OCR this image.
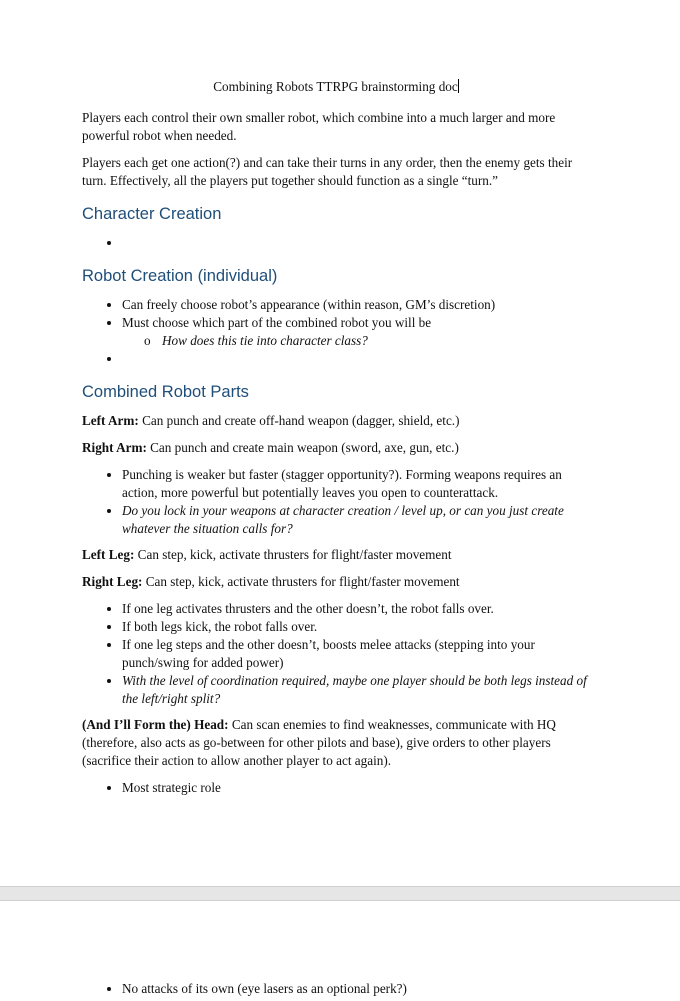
Combining Robots TTRPG brainstorming doc

Players each control their own smaller robot, which combine into a much larger and more powerful robot when needed.

Players each get one action(?) and can take their turns in any order, then the enemy gets their turn. Effectively, all the players put together should function as a single “turn.”

Character Creation
•
Robot Creation (individual)
• Can freely choose robot’s appearance (within reason, GM’s discretion)
• Must choose which part of the combined robot you will be
o How does this tie into character class?
•
Combined Robot Parts

Left Arm: Can punch and create off-hand weapon (dagger, shield, etc.)

Right Arm: Can punch and create main weapon (sword, axe, gun, etc.)

• Punching is weaker but faster (stagger opportunity?). Forming weapons requires an action, more powerful but potentially leaves you open to counterattack.
• Do you lock in your weapons at character creation / level up, or can you just create whatever the situation calls for?

Left Leg: Can step, kick, activate thrusters for flight/faster movement

Right Leg: Can step, kick, activate thrusters for flight/faster movement

• If one leg activates thrusters and the other doesn’t, the robot falls over.
• If both legs kick, the robot falls over.
• If one leg steps and the other doesn’t, boosts melee attacks (stepping into your punch/swing for added power)
• With the level of coordination required, maybe one player should be both legs instead of the left/right split?

(And I’ll Form the) Head: Can scan enemies to find weaknesses, communicate with HQ (therefore, also acts as go-between for other pilots and base), give orders to other players (sacrifice their action to allow another player to act again).

• Most strategic role
• No attacks of its own (eye lasers as an optional perk?)
